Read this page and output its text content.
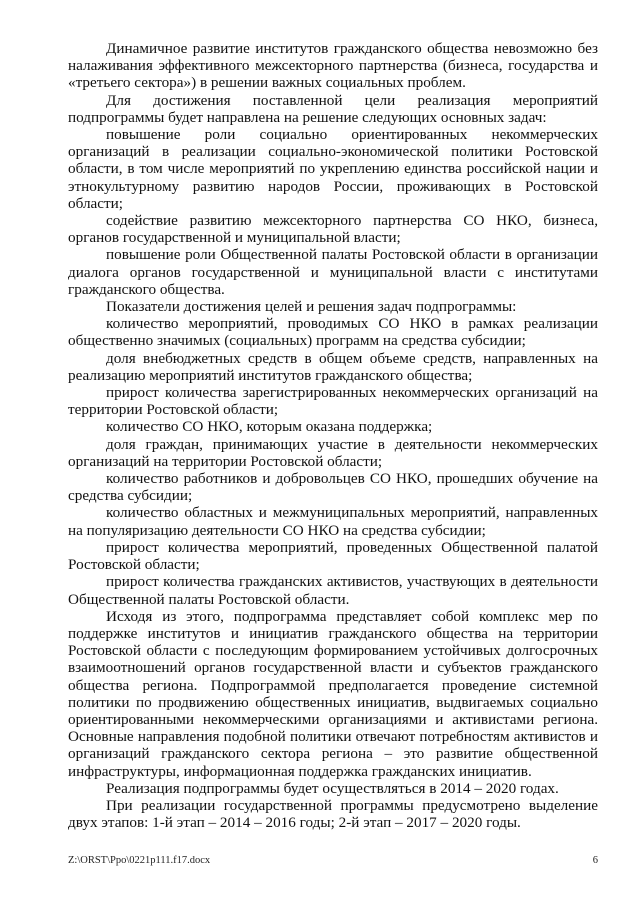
Динамичное развитие институтов гражданского общества невозможно без налаживания эффективного межсекторного партнерства (бизнеса, государства и «третьего сектора») в решении важных социальных проблем.

Для достижения поставленной цели реализация мероприятий подпрограммы будет направлена на решение следующих основных задач:

повышение роли социально ориентированных некоммерческих организаций в реализации социально-экономической политики Ростовской области, в том числе мероприятий по укреплению единства российской нации и этнокультурному развитию народов России, проживающих в Ростовской области;

содействие развитию межсекторного партнерства СО НКО, бизнеса, органов государственной и муниципальной власти;

повышение роли Общественной палаты Ростовской области в организации диалога органов государственной и муниципальной власти с институтами гражданского общества.

Показатели достижения целей и решения задач подпрограммы:

количество мероприятий, проводимых СО НКО в рамках реализации общественно значимых (социальных) программ на средства субсидии;

доля внебюджетных средств в общем объеме средств, направленных на реализацию мероприятий институтов гражданского общества;

прирост количества зарегистрированных некоммерческих организаций на территории Ростовской области;

количество СО НКО, которым оказана поддержка;

доля граждан, принимающих участие в деятельности некоммерческих организаций на территории Ростовской области;

количество работников и добровольцев СО НКО, прошедших обучение на средства субсидии;

количество областных и межмуниципальных мероприятий, направленных на популяризацию деятельности СО НКО на средства субсидии;

прирост количества мероприятий, проведенных Общественной палатой Ростовской области;

прирост количества гражданских активистов, участвующих в деятельности Общественной палаты Ростовской области.

Исходя из этого, подпрограмма представляет собой комплекс мер по поддержке институтов и инициатив гражданского общества на территории Ростовской области с последующим формированием устойчивых долгосрочных взаимоотношений органов государственной власти и субъектов гражданского общества региона. Подпрограммой предполагается проведение системной политики по продвижению общественных инициатив, выдвигаемых социально ориентированными некоммерческими организациями и активистами региона. Основные направления подобной политики отвечают потребностям активистов и организаций гражданского сектора региона – это развитие общественной инфраструктуры, информационная поддержка гражданских инициатив.

Реализация подпрограммы будет осуществляться в 2014 – 2020 годах.

При реализации государственной программы предусмотрено выделение двух этапов: 1-й этап – 2014 – 2016 годы; 2-й этап – 2017 – 2020 годы.

Z:\ORST\Ppo\0221p111.f17.docx	6
